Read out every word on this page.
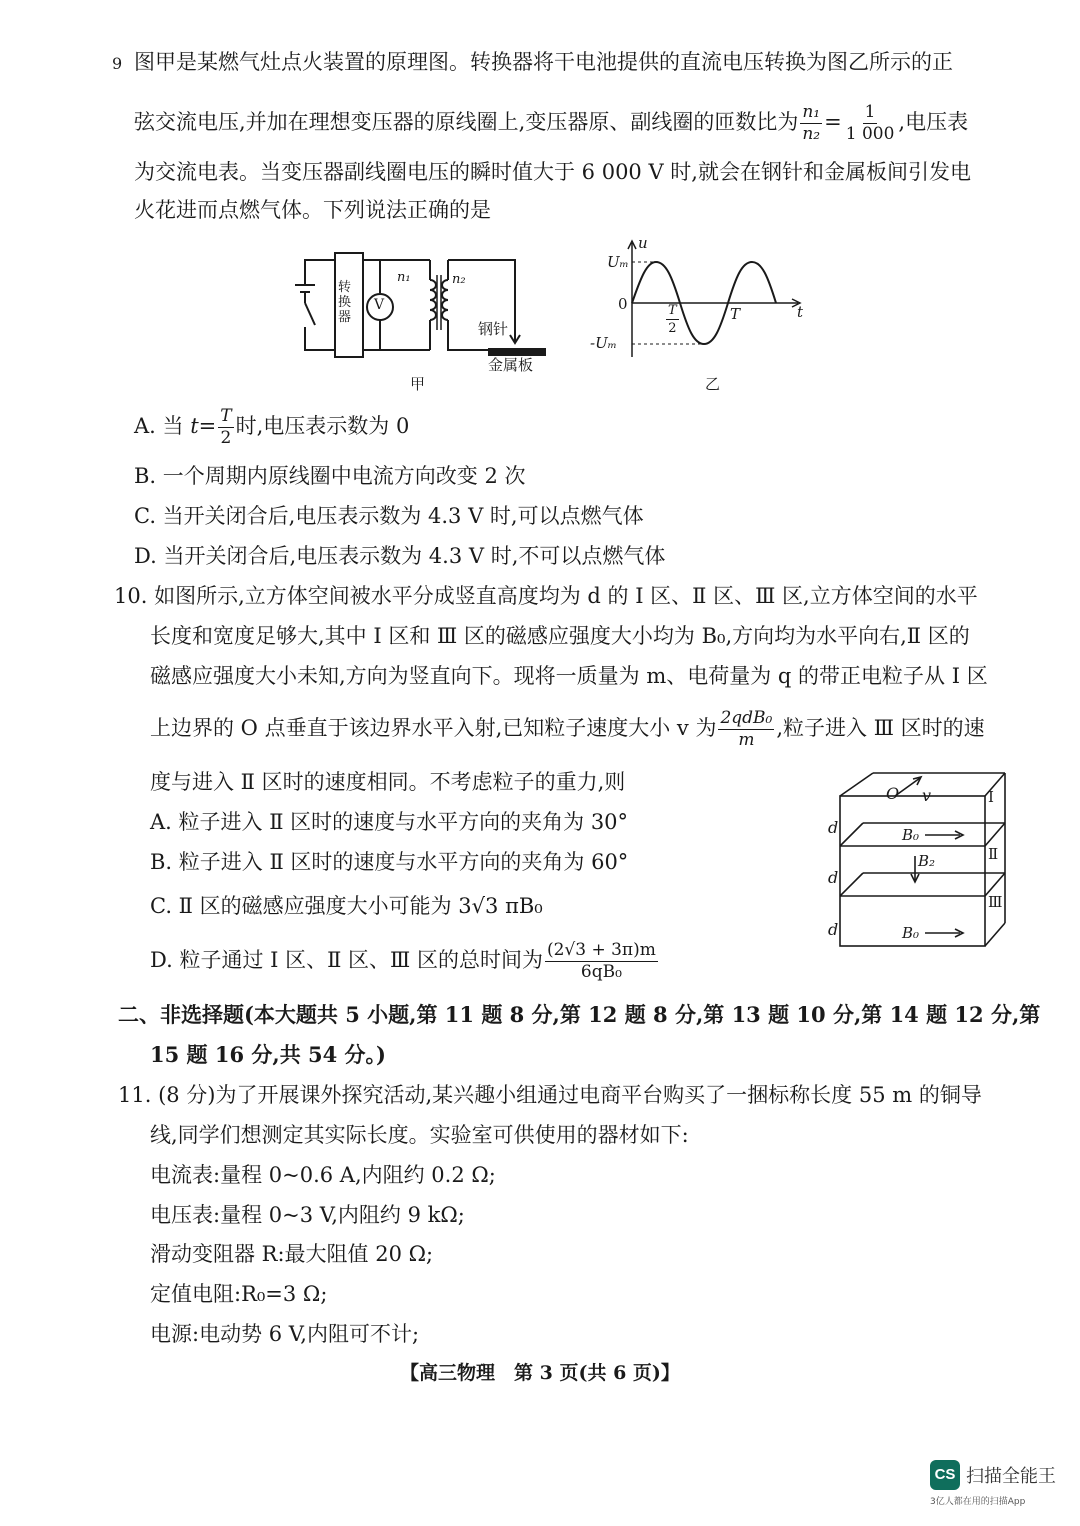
9 图甲是某燃气灶点火装置的原理图。转换器将干电池提供的直流电压转换为图乙所示的正
弦交流电压,并加在理想变压器的原线圈上,变压器原、副线圈的匝数比为 $\frac{\text{n₁}}{\text{n₂}} = \frac{1}{1 000}$ ,电压表
为交流电表。当变压器副线圈电压的瞬时值大于 6 000 V 时,就会在钢针和金属板间引发电
火花进而点燃气体。下列说法正确的是
转换器
V
n₁	n₂
钢针
金属板
甲
u
t
Uₘ
0
-Uₘ
$\frac{T}{2}$	T
乙
A. 当 $t= \frac{T}{2}$ 时,电压表示数为 0
B. 一个周期内原线圈中电流方向改变 2 次
C. 当开关闭合后,电压表示数为 4.3 V 时,可以点燃气体
D. 当开关闭合后,电压表示数为 4.3 V 时,不可以点燃气体
10. 如图所示,立方体空间被水平分成竖直高度均为 d 的 Ⅰ 区、Ⅱ 区、Ⅲ 区,立方体空间的水平
长度和宽度足够大,其中 Ⅰ 区和 Ⅲ 区的磁感应强度大小均为 B₀,方向均为水平向右,Ⅱ 区的
磁感应强度大小未知,方向为竖直向下。现将一质量为 m、电荷量为 q 的带正电粒子从 Ⅰ 区
上边界的 O 点垂直于该边界水平入射,已知粒子速度大小 v 为 $\frac{\text{2qdB₀}}{m}$ ,粒子进入 Ⅲ 区时的速
度与进入 Ⅱ 区时的速度相同。不考虑粒子的重力,则
A. 粒子进入 Ⅱ 区时的速度与水平方向的夹角为 30°
B. 粒子进入 Ⅱ 区时的速度与水平方向的夹角为 60°
C. Ⅱ 区的磁感应强度大小可能为 3√3 πB₀
D. 粒子通过 Ⅰ 区、Ⅱ 区、Ⅲ 区的总时间为 $\frac{(2√3 + 3\pi)m}{\text{6qB₀}}$
O v	Ⅰ
Ⅱ
Ⅲ
B₀
B₂
B₀
d
d
d
二、非选择题(本大题共 5 小题,第 11 题 8 分,第 12 题 8 分,第 13 题 10 分,第 14 题 12 分,第
15 题 16 分,共 54 分。)
11. (8 分)为了开展课外探究活动,某兴趣小组通过电商平台购买了一捆标称长度 55 m 的铜导
线,同学们想测定其实际长度。实验室可供使用的器材如下:
电流表:量程 0~0.6 A,内阻约 0.2 Ω;
电压表:量程 0~3 V,内阻约 9 kΩ;
滑动变阻器 R:最大阻值 20 Ω;
定值电阻:R₀=3 Ω;
电源:电动势 6 V,内阻可不计;
【高三物理　第 3 页(共 6 页)】
CS 扫描全能王
3亿人都在用的扫描App
